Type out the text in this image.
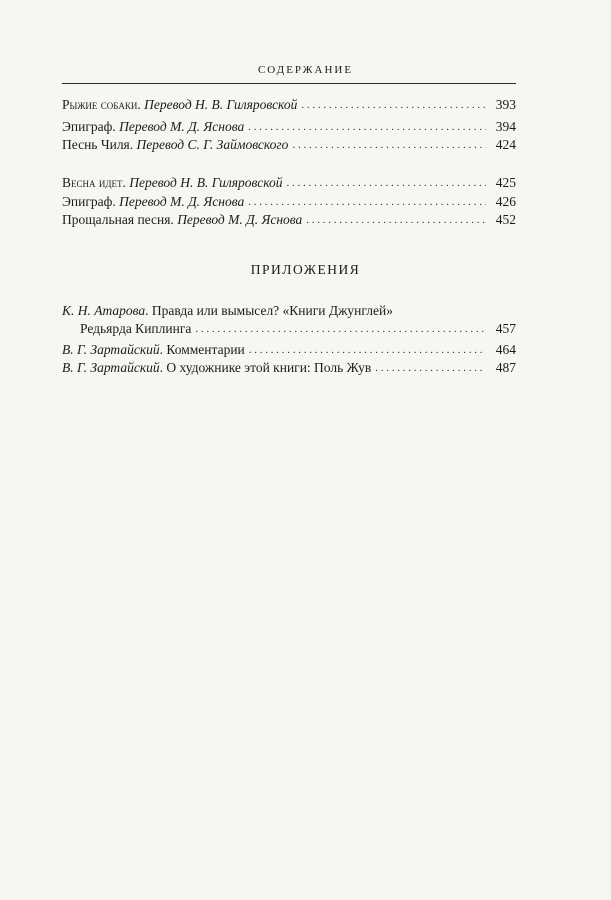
СОДЕРЖАНИЕ
Рыжие собаки. Перевод Н. В. Гиляровской . . .	393
Эпиграф. Перевод М. Д. Яснова . . .	394
Песнь Чиля. Перевод С. Г. Займовского . . .	424
Весна идет. Перевод Н. В. Гиляровской . . .	425
Эпиграф. Перевод М. Д. Яснова . . .	426
Прощальная песня. Перевод М. Д. Яснова . . .	452
ПРИЛОЖЕНИЯ
К. Н. Атарова. Правда или вымысел? «Книги Джунглей»
Редьярда Киплинга . . .	457
В. Г. Зартайский. Комментарии . . .	464
В. Г. Зартайский. О художнике этой книги: Поль Жув . . .	487
